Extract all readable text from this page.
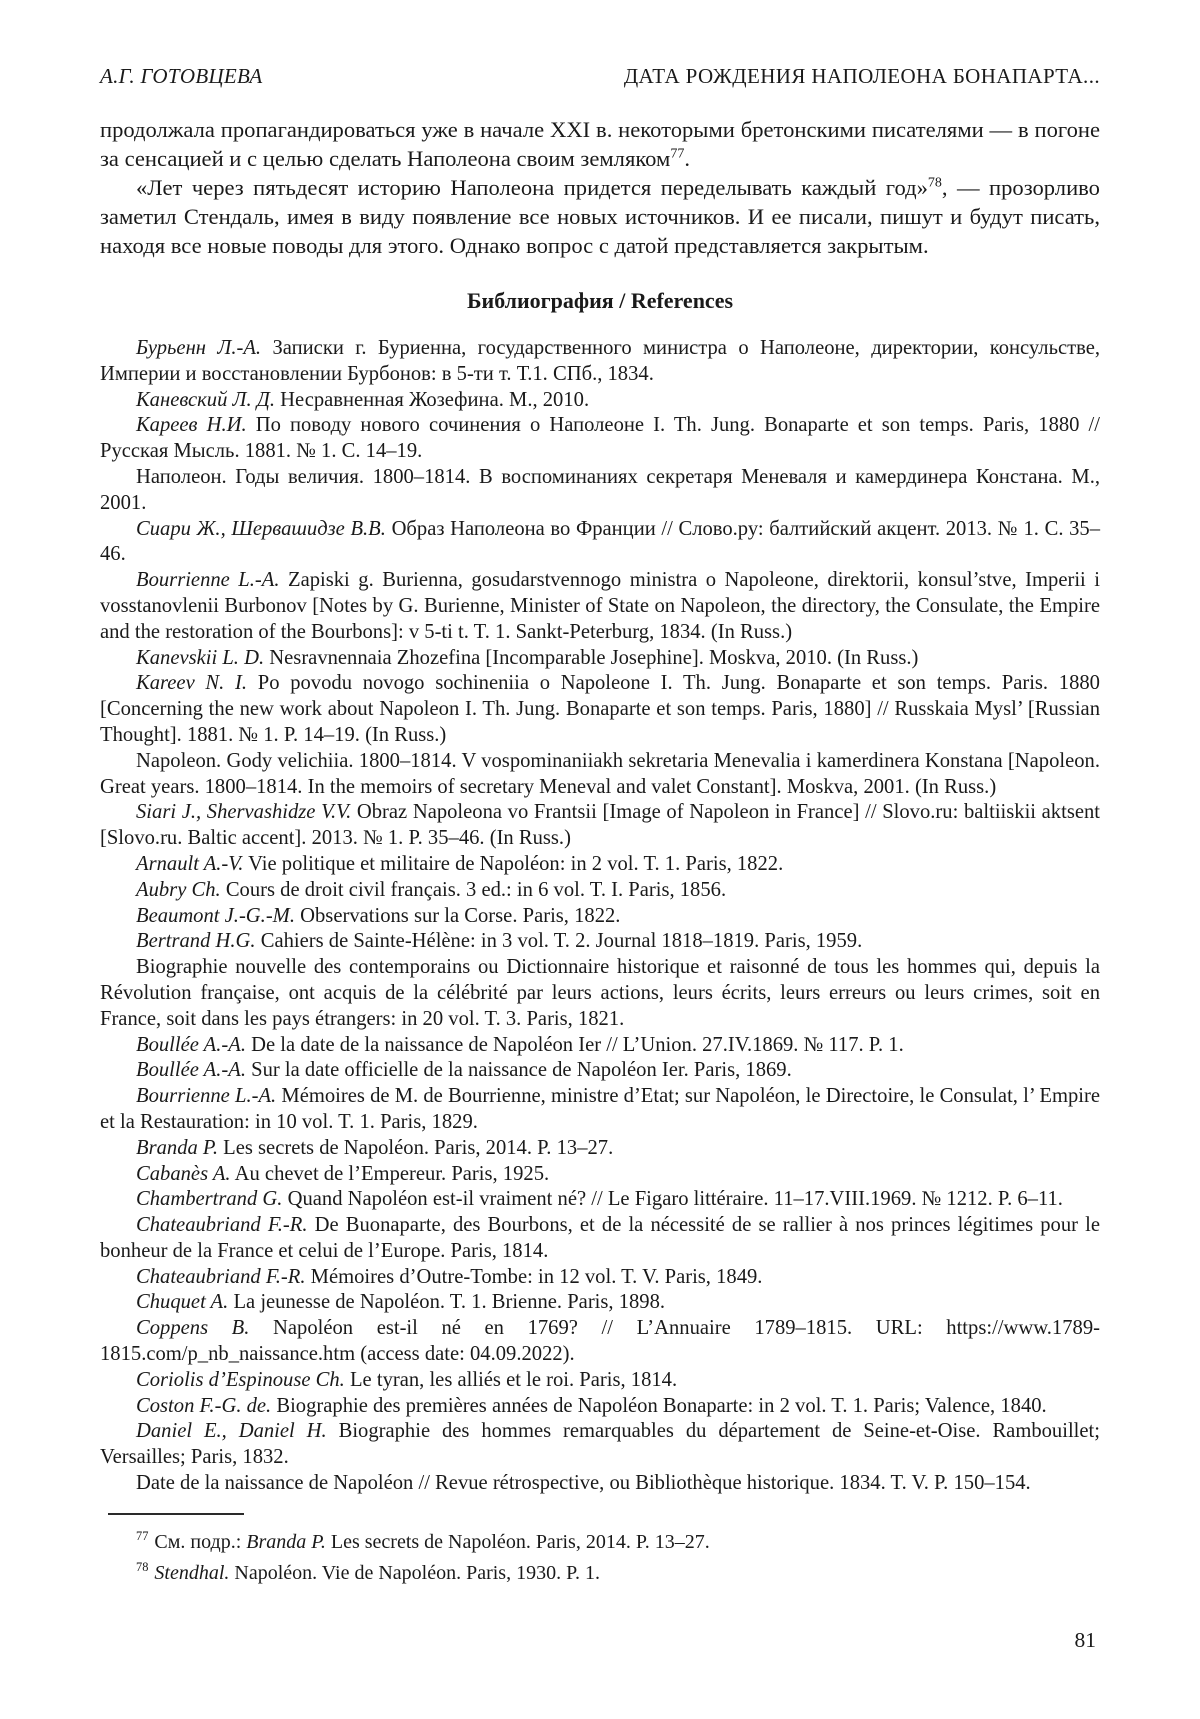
А.Г. ГОТОВЦЕВА	ДАТА РОЖДЕНИЯ НАПОЛЕОНА БОНАПАРТА...

продолжала пропагандироваться уже в начале XXI в. некоторыми бретонскими писателями — в погоне за сенсацией и с целью сделать Наполеона своим земляком$^{77}$.

«Лет через пятьдесят историю Наполеона придется переделывать каждый год»$^{78}$, — прозорливо заметил Стендаль, имея в виду появление все новых источников. И ее писали, пишут и будут писать, находя все новые поводы для этого. Однако вопрос с датой представляется закрытым.

Библиография / References

Бурьенн Л.-А. Записки г. Буриенна, государственного министра о Наполеоне, директории, консульстве, Империи и восстановлении Бурбонов: в 5-ти т. Т.1. СПб., 1834.

Каневский Л. Д. Несравненная Жозефина. М., 2010.

Кареев Н.И. По поводу нового сочинения о Наполеоне I. Th. Jung. Bonaparte et son temps. Paris, 1880 // Русская Мысль. 1881. № 1. С. 14–19.

Наполеон. Годы величия. 1800–1814. В воспоминаниях секретаря Меневаля и камердинера Констана. М., 2001.

Сиари Ж., Шервашидзе В.В. Образ Наполеона во Франции // Слово.ру: балтийский акцент. 2013. № 1. С. 35–46.

Bourrienne L.-A. Zapiski g. Burienna, gosudarstvennogo ministra o Napoleone, direktorii, konsul’stve, Imperii i vosstanovlenii Burbonov [Notes by G. Burienne, Minister of State on Napoleon, the directory, the Consulate, the Empire and the restoration of the Bourbons]: v 5-ti t. T. 1. Sankt-Peterburg, 1834. (In Russ.)

Kanevskii L. D. Nesravnennaia Zhozefina [Incomparable Josephine]. Moskva, 2010. (In Russ.)

Kareev N. I. Po povodu novogo sochineniia o Napoleone I. Th. Jung. Bonaparte et son temps. Paris. 1880 [Concerning the new work about Napoleon I. Th. Jung. Bonaparte et son temps. Paris, 1880] // Russkaia Mysl’ [Russian Thought]. 1881. № 1. P. 14–19. (In Russ.)

Napoleon. Gody velichiia. 1800–1814. V vospominaniiakh sekretaria Menevalia i kamerdinera Konstana [Napoleon. Great years. 1800–1814. In the memoirs of secretary Meneval and valet Constant]. Moskva, 2001. (In Russ.)

Siari J., Shervashidze V.V. Obraz Napoleona vo Frantsii [Image of Napoleon in France] // Slovo.ru: baltiiskii aktsent [Slovo.ru. Baltic accent]. 2013. № 1. P. 35–46. (In Russ.)

Arnault A.-V. Vie politique et militaire de Napoléon: in 2 vol. T. 1. Paris, 1822.

Aubry Ch. Cours de droit civil français. 3 ed.: in 6 vol. T. I. Paris, 1856.

Beaumont J.-G.-M. Observations sur la Corse. Paris, 1822.

Bertrand H.G. Cahiers de Sainte-Hélène: in 3 vol. T. 2. Journal 1818–1819. Paris, 1959.

Biographie nouvelle des contemporains ou Dictionnaire historique et raisonné de tous les hommes qui, depuis la Révolution française, ont acquis de la célébrité par leurs actions, leurs écrits, leurs erreurs ou leurs crimes, soit en France, soit dans les pays étrangers: in 20 vol. T. 3. Paris, 1821.

Boullée A.-A. De la date de la naissance de Napoléon Ier // L’Union. 27.IV.1869. № 117. P. 1.

Boullée A.-A. Sur la date officielle de la naissance de Napoléon Ier. Paris, 1869.

Bourrienne L.-A. Mémoires de M. de Bourrienne, ministre d’Etat; sur Napoléon, le Directoire, le Consulat, l’ Empire et la Restauration: in 10 vol. T. 1. Paris, 1829.

Branda P. Les secrets de Napoléon. Paris, 2014. P. 13–27.

Cabanès A. Au chevet de l’Empereur. Paris, 1925.

Chambertrand G. Quand Napoléon est-il vraiment né? // Le Figaro littéraire. 11–17.VIII.1969. № 1212. P. 6–11.

Chateaubriand F.-R. De Buonaparte, des Bourbons, et de la nécessité de se rallier à nos princes légitimes pour le bonheur de la France et celui de l’Europe. Paris, 1814.

Chateaubriand F.-R. Mémoires d’Outre-Tombe: in 12 vol. T. V. Paris, 1849.

Chuquet A. La jeunesse de Napoléon. T. 1. Brienne. Paris, 1898.

Coppens B. Napoléon est-il né en 1769? // L’Annuaire 1789–1815. URL: https://www.1789-1815.com/p_nb_naissance.htm (access date: 04.09.2022).

Coriolis d’Espinouse Ch. Le tyran, les alliés et le roi. Paris, 1814.

Coston F.-G. de. Biographie des premières années de Napoléon Bonaparte: in 2 vol. T. 1. Paris; Valence, 1840.

Daniel E., Daniel H. Biographie des hommes remarquables du département de Seine-et-Oise. Rambouillet; Versailles; Paris, 1832.

Date de la naissance de Napoléon // Revue rétrospective, ou Bibliothèque historique. 1834. T. V. P. 150–154.

$^{77}$ См. подр.: Branda P. Les secrets de Napoléon. Paris, 2014. P. 13–27.

$^{78}$ Stendhal. Napoléon. Vie de Napoléon. Paris, 1930. P. 1.

81
